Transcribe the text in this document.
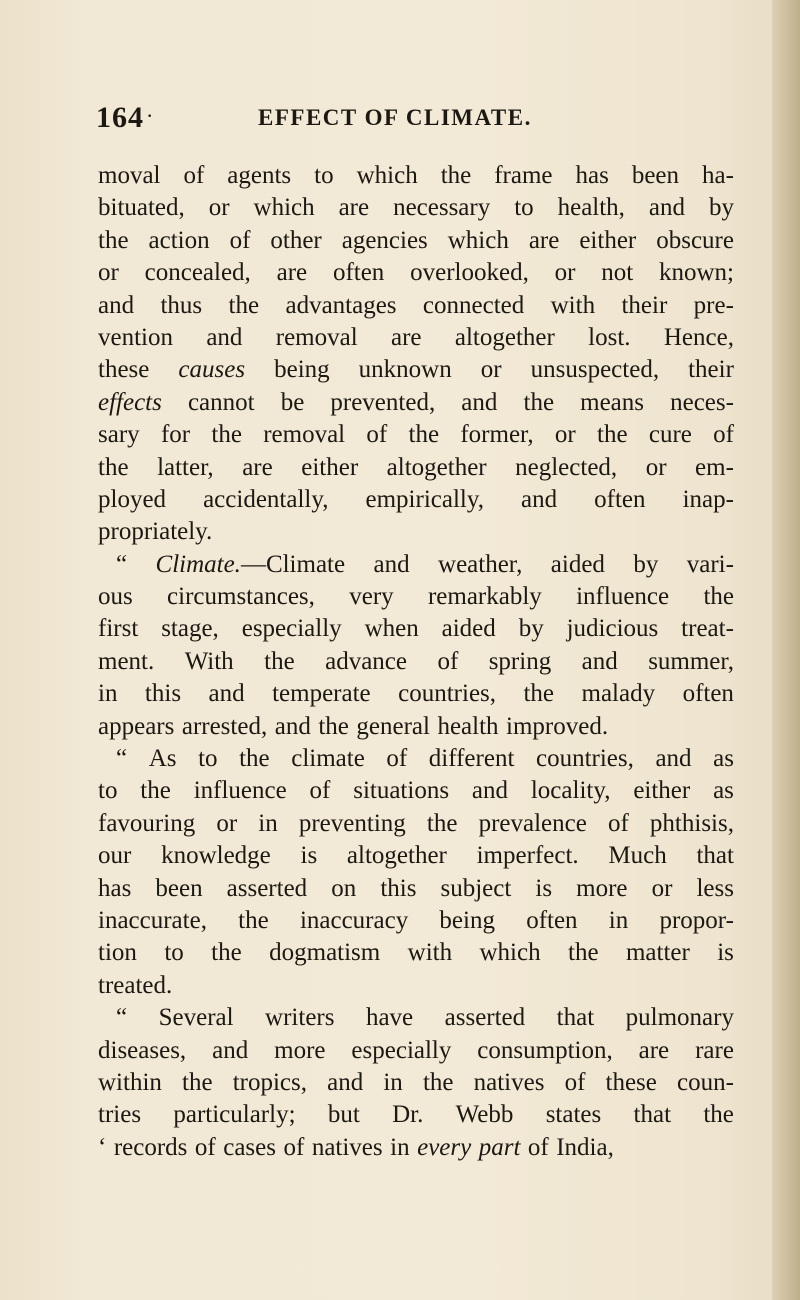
164 ·	EFFECT OF CLIMATE.
moval of agents to which the frame has been ha-
bituated, or which are necessary to health, and by
the action of other agencies which are either obscure
or concealed, are often overlooked, or not known;
and thus the advantages connected with their pre-
vention and removal are altogether lost. Hence,
these causes being unknown or unsuspected, their
effects cannot be prevented, and the means neces-
sary for the removal of the former, or the cure of
the latter, are either altogether neglected, or em-
ployed accidentally, empirically, and often inap-
propriately.
“ Climate.—Climate and weather, aided by vari-
ous circumstances, very remarkably influence the
first stage, especially when aided by judicious treat-
ment. With the advance of spring and summer,
in this and temperate countries, the malady often
appears arrested, and the general health improved.
“ As to the climate of different countries, and as
to the influence of situations and locality, either as
favouring or in preventing the prevalence of phthisis,
our knowledge is altogether imperfect. Much that
has been asserted on this subject is more or less
inaccurate, the inaccuracy being often in propor-
tion to the dogmatism with which the matter is
treated.
“ Several writers have asserted that pulmonary
diseases, and more especially consumption, are rare
within the tropics, and in the natives of these coun-
tries particularly; but Dr. Webb states that the
‘ records of cases of natives in every part of India,
